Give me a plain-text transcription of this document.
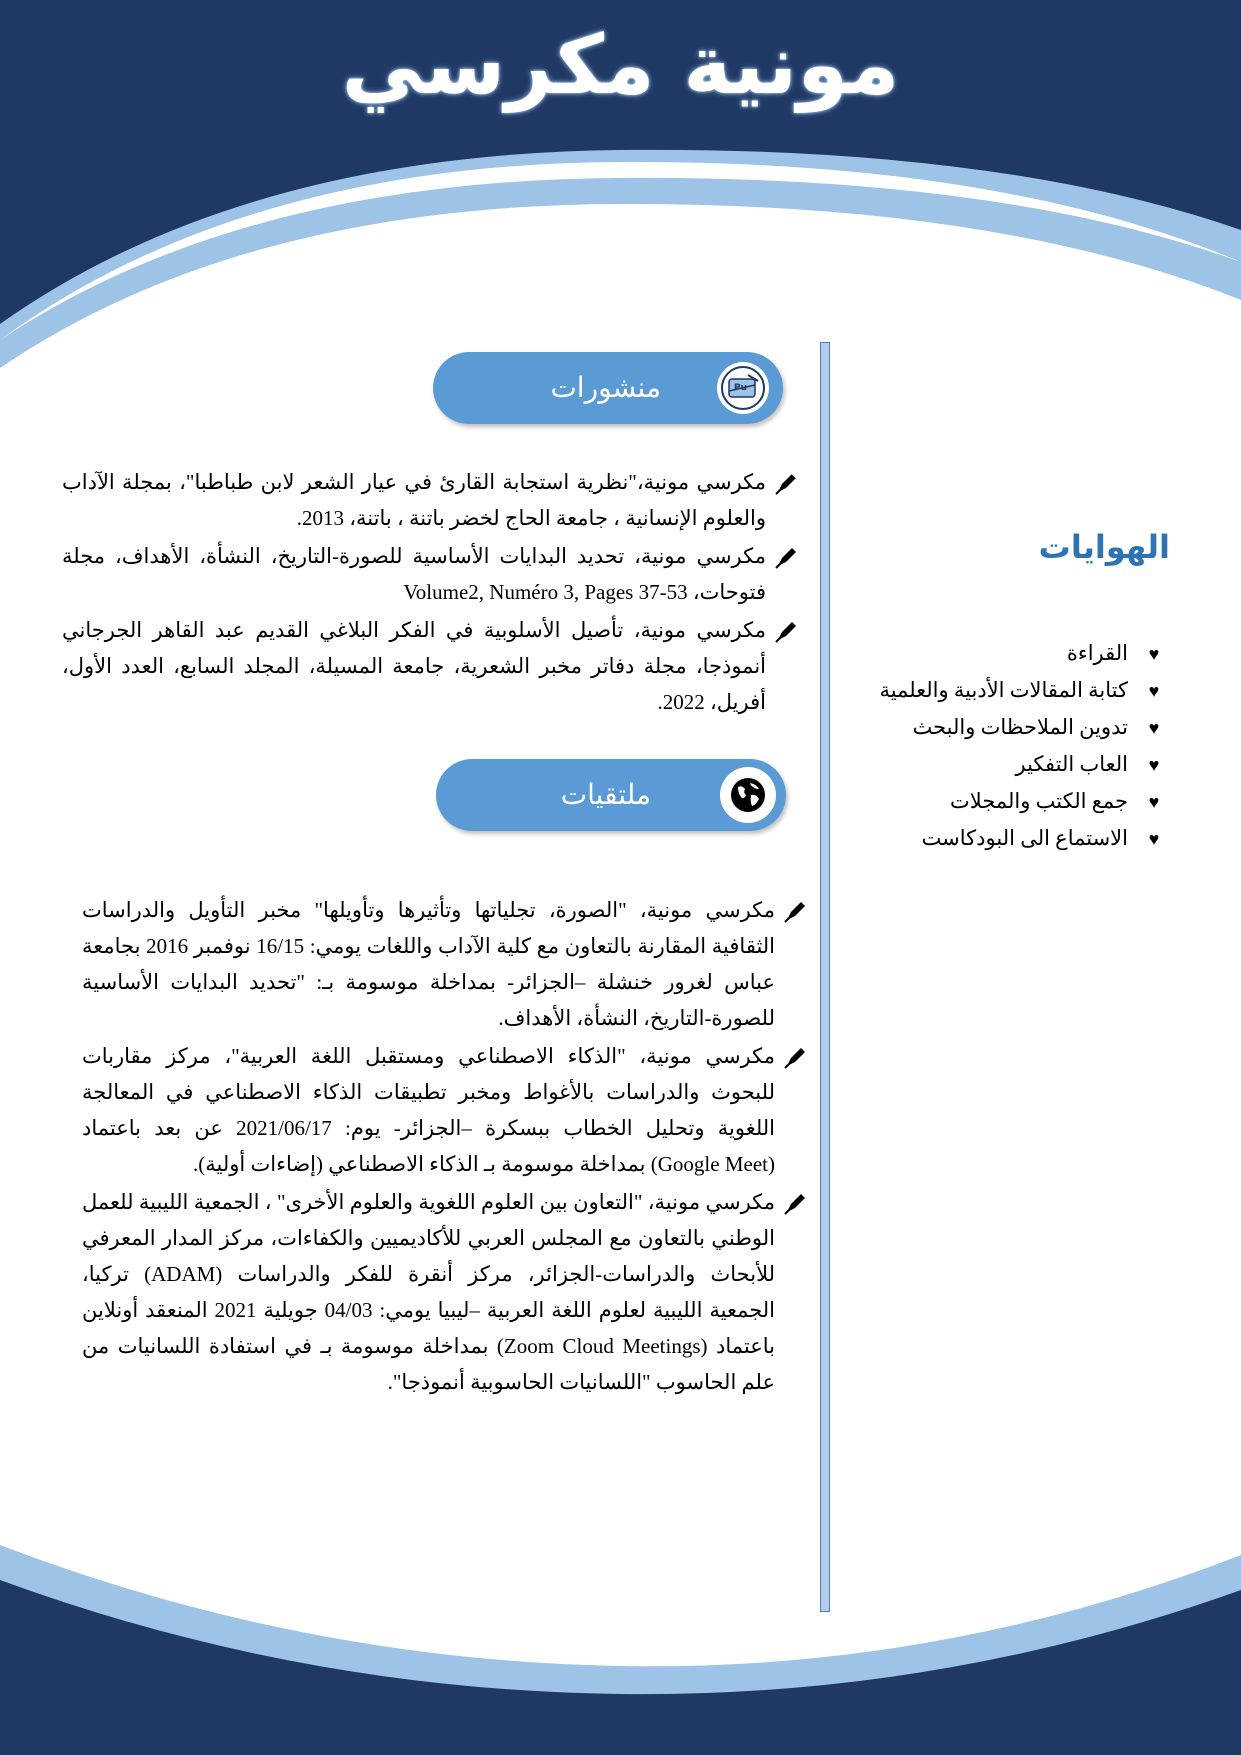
مونية مكرسي
منشورات	Pu
مكرسي مونية،"نظرية استجابة القارئ في عيار الشعر لابن طباطبا"، بمجلة الآداب والعلوم الإنسانية ، جامعة الحاج لخضر باتنة ، باتنة، 2013.
مكرسي مونية، تحديد البدايات الأساسية للصورة-التاريخ، النشأة، الأهداف، مجلة فتوحات، Volume2, Numéro 3, Pages 37-53
مكرسي مونية، تأصيل الأسلوبية في الفكر البلاغي القديم عبد القاهر الجرجاني أنموذجا، مجلة دفاتر مخبر الشعرية، جامعة المسيلة، المجلد السابع، العدد الأول، أفريل، 2022.
ملتقيات
مكرسي مونية، "الصورة، تجلياتها وتأثيرها وتأويلها" مخبر التأويل والدراسات الثقافية المقارنة بالتعاون مع كلية الآداب واللغات يومي: 16/15 نوفمبر 2016 بجامعة عباس لغرور خنشلة –الجزائر- بمداخلة موسومة بـ: "تحديد البدايات الأساسية للصورة-التاريخ، النشأة، الأهداف.
مكرسي مونية، "الذكاء الاصطناعي ومستقبل اللغة العربية"، مركز مقاربات للبحوث والدراسات بالأغواط ومخبر تطبيقات الذكاء الاصطناعي في المعالجة اللغوية وتحليل الخطاب ببسكرة –الجزائر- يوم: 2021/06/17 عن بعد باعتماد (Google Meet) بمداخلة موسومة بـ الذكاء الاصطناعي (إضاءات أولية).
مكرسي مونية، "التعاون بين العلوم اللغوية والعلوم الأخرى" ، الجمعية الليبية للعمل الوطني بالتعاون مع المجلس العربي للأكاديميين والكفاءات، مركز المدار المعرفي للأبحاث والدراسات-الجزائر، مركز أنقرة للفكر والدراسات (ADAM) تركيا، الجمعية الليبية لعلوم اللغة العربية –ليبيا يومي: 04/03 جويلية 2021 المنعقد أونلاين باعتماد (Zoom Cloud Meetings) بمداخلة موسومة بـ في استفادة اللسانيات من علم الحاسوب "اللسانيات الحاسوبية أنموذجا".
الهوايات
♥القراءة
♥كتابة المقالات الأدبية والعلمية
♥تدوين الملاحظات والبحث
♥العاب التفكير
♥جمع الكتب والمجلات
♥الاستماع الى البودكاست
